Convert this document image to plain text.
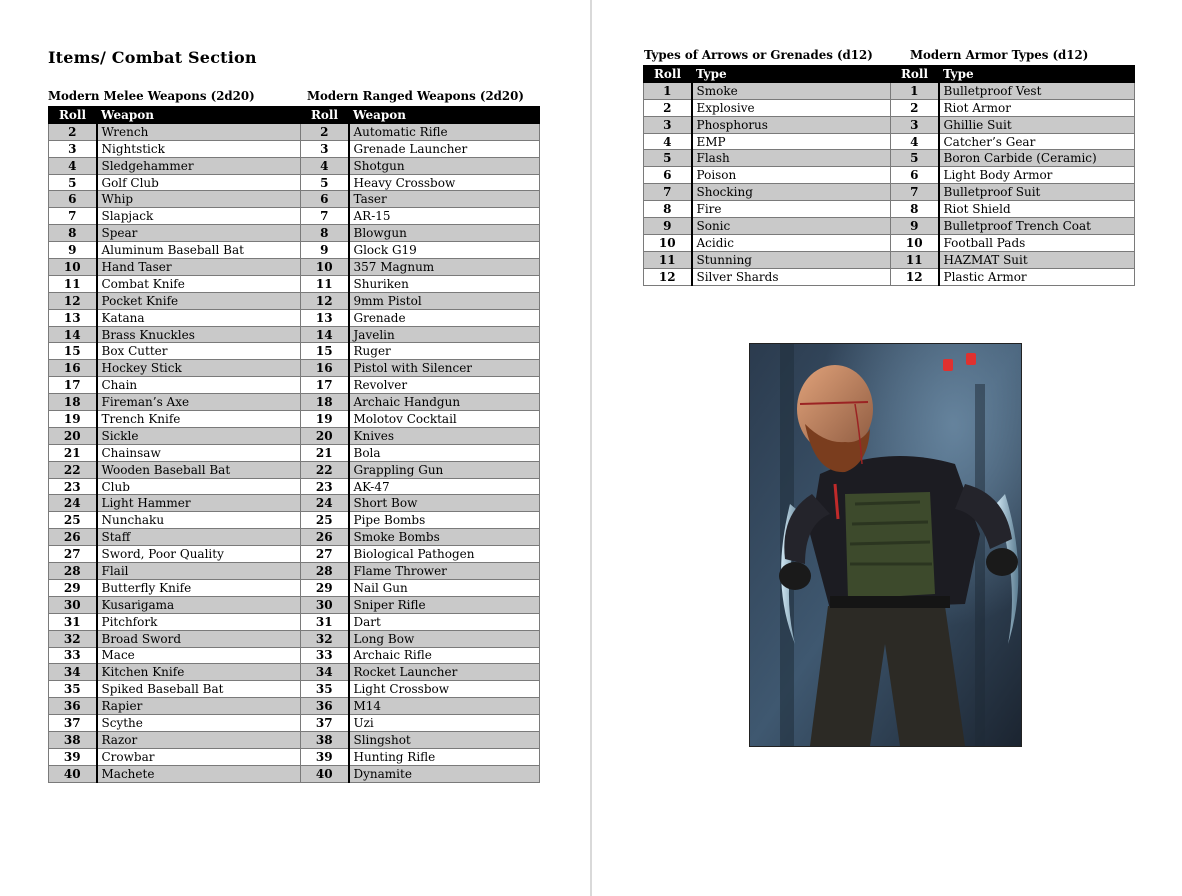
Items/ Combat Section
Modern Melee Weapons (2d20)	Modern Ranged Weapons (2d20)
Roll	Weapon
2	Wrench
3	Nightstick
4	Sledgehammer
5	Golf Club
6	Whip
7	Slapjack
8	Spear
9	Aluminum Baseball Bat
10	Hand Taser
11	Combat Knife
12	Pocket Knife
13	Katana
14	Brass Knuckles
15	Box Cutter
16	Hockey Stick
17	Chain
18	Fireman’s Axe
19	Trench Knife
20	Sickle
21	Chainsaw
22	Wooden Baseball Bat
23	Club
24	Light Hammer
25	Nunchaku
26	Staff
27	Sword, Poor Quality
28	Flail
29	Butterfly Knife
30	Kusarigama
31	Pitchfork
32	Broad Sword
33	Mace
34	Kitchen Knife
35	Spiked Baseball Bat
36	Rapier
37	Scythe
38	Razor
39	Crowbar
40	Machete
Roll	Weapon
2	Automatic Rifle
3	Grenade Launcher
4	Shotgun
5	Heavy Crossbow
6	Taser
7	AR-15
8	Blowgun
9	Glock G19
10	357 Magnum
11	Shuriken
12	9mm Pistol
13	Grenade
14	Javelin
15	Ruger
16	Pistol with Silencer
17	Revolver
18	Archaic Handgun
19	Molotov Cocktail
20	Knives
21	Bola
22	Grappling Gun
23	AK-47
24	Short Bow
25	Pipe Bombs
26	Smoke Bombs
27	Biological Pathogen
28	Flame Thrower
29	Nail Gun
30	Sniper Rifle
31	Dart
32	Long Bow
33	Archaic Rifle
34	Rocket Launcher
35	Light Crossbow
36	M14
37	Uzi
38	Slingshot
39	Hunting Rifle
40	Dynamite
Types of Arrows or Grenades (d12)	Modern Armor Types (d12)
Roll	Type
1	Smoke
2	Explosive
3	Phosphorus
4	EMP
5	Flash
6	Poison
7	Shocking
8	Fire
9	Sonic
10	Acidic
11	Stunning
12	Silver Shards
Roll	Type
1	Bulletproof Vest
2	Riot Armor
3	Ghillie Suit
4	Catcher’s Gear
5	Boron Carbide (Ceramic)
6	Light Body Armor
7	Bulletproof Suit
8	Riot Shield
9	Bulletproof Trench Coat
10	Football Pads
11	HAZMAT Suit
12	Plastic Armor
